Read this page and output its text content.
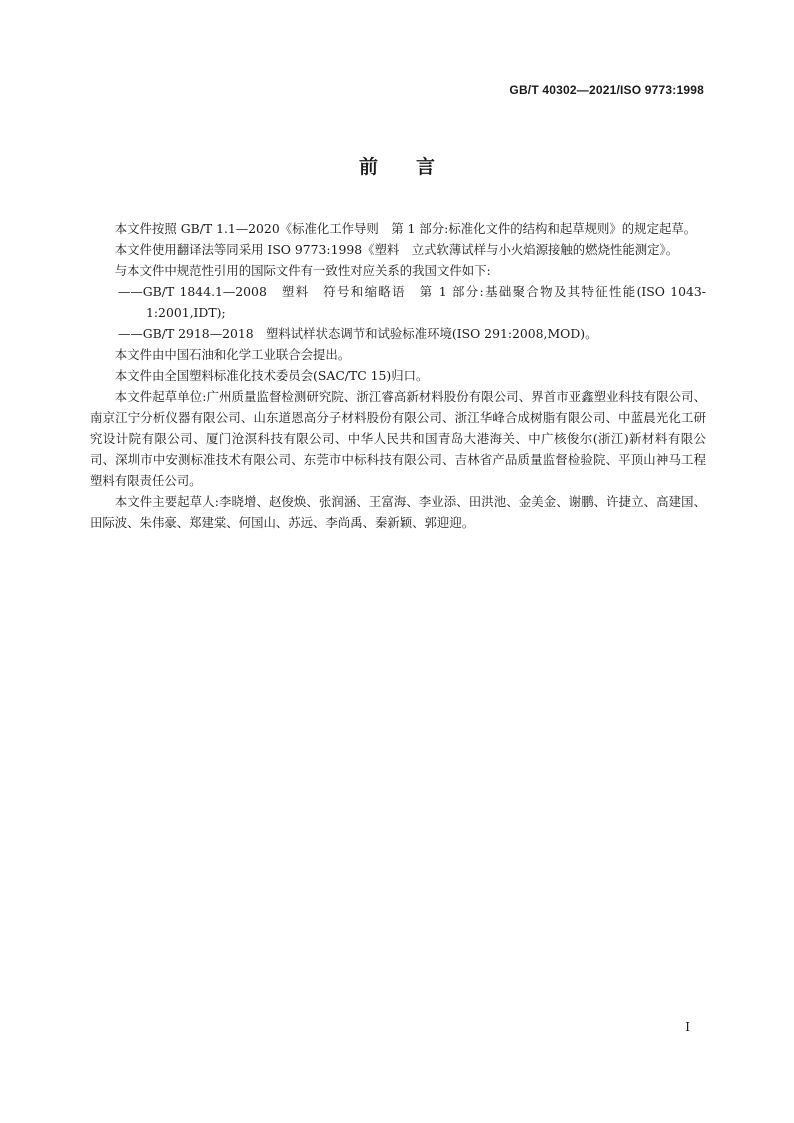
GB/T 40302—2021/ISO 9773:1998
前言

本文件按照 GB/T 1.1—2020《标准化工作导则　第 1 部分:标准化文件的结构和起草规则》的规定起草。

本文件使用翻译法等同采用 ISO 9773:1998《塑料　立式软薄试样与小火焰源接触的燃烧性能测定》。

与本文件中规范性引用的国际文件有一致性对应关系的我国文件如下:

——GB/T 1844.1—2008　塑料　符号和缩略语　第 1 部分:基础聚合物及其特征性能(ISO 1043-1:2001,IDT);

——GB/T 2918—2018　塑料试样状态调节和试验标准环境(ISO 291:2008,MOD)。

本文件由中国石油和化学工业联合会提出。

本文件由全国塑料标准化技术委员会(SAC/TC 15)归口。

本文件起草单位:广州质量监督检测研究院、浙江睿高新材料股份有限公司、界首市亚鑫塑业科技有限公司、南京江宁分析仪器有限公司、山东道恩高分子材料股份有限公司、浙江华峰合成树脂有限公司、中蓝晨光化工研究设计院有限公司、厦门沧溟科技有限公司、中华人民共和国青岛大港海关、中广核俊尔(浙江)新材料有限公司、深圳市中安测标准技术有限公司、东莞市中标科技有限公司、吉林省产品质量监督检验院、平顶山神马工程塑料有限责任公司。

本文件主要起草人:李晓增、赵俊焕、张润涵、王富海、李业添、田洪池、金美金、谢鹏、许捷立、高建国、田际波、朱伟豪、郑建棠、何国山、苏远、李尚禹、秦新颖、郭迎迎。

I
